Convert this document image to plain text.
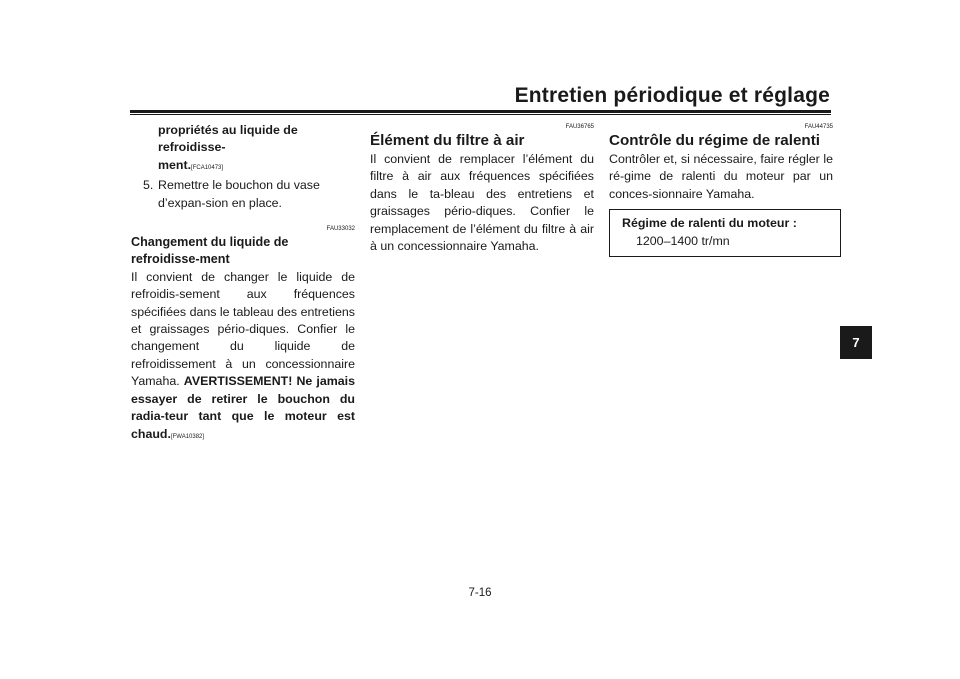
Entretien périodique et réglage
propriétés au liquide de refroidisse-
ment.[FCA10473]
5. Remettre le bouchon du vase d’expan-sion en place.
FAU33032
Changement du liquide de refroidisse-ment
Il convient de changer le liquide de refroidis-sement aux fréquences spécifiées dans le tableau des entretiens et graissages pério-diques. Confier le changement du liquide de refroidissement à un concessionnaire Yamaha. AVERTISSEMENT! Ne jamais essayer de retirer le bouchon du radia-teur tant que le moteur est chaud.[FWA10382]
FAU36765
Élément du filtre à air
Il convient de remplacer l’élément du filtre à air aux fréquences spécifiées dans le ta-bleau des entretiens et graissages pério-diques. Confier le remplacement de l’élément du filtre à air à un concessionnaire Yamaha.
FAU44735
Contrôle du régime de ralenti
Contrôler et, si nécessaire, faire régler le ré-gime de ralenti du moteur par un conces-sionnaire Yamaha.
Régime de ralenti du moteur :
1200–1400 tr/mn
7
7-16
